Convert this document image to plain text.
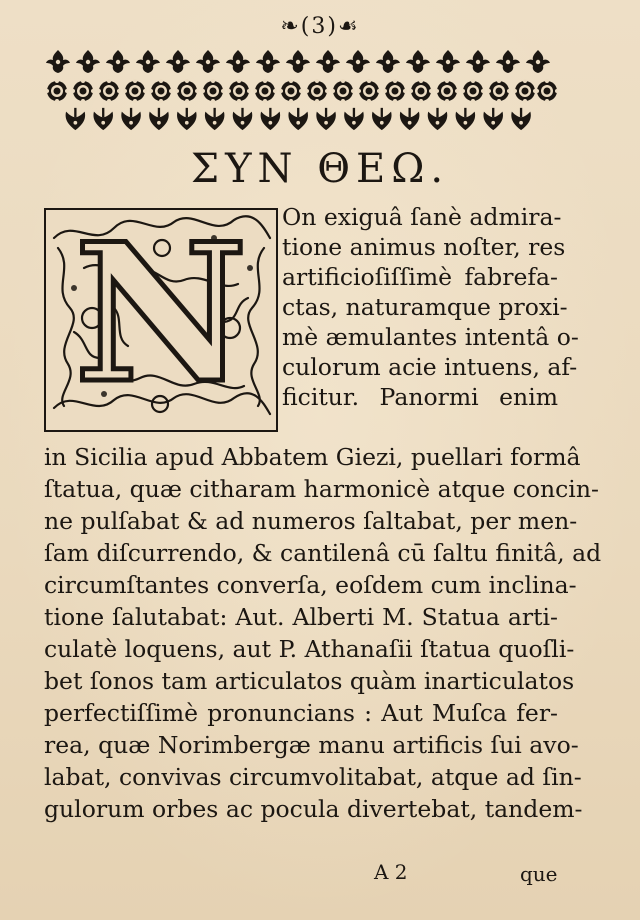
❧(3)☙
ΣΥΝ ΘΕΩ.
N On exiguâ ſanè admira-
tione animus noſter, res
artificioſiſſimè fabrefa-
ctas, naturamque proxi-
mè æmulantes intentâ o-
culorum acie intuens, af-
ficitur. Panormi enim
in Sicilia apud Abbatem Giezi, puellari formâ
ſtatua, quæ citharam harmonicè atque concin-
ne pulſabat & ad numeros ſaltabat, per men-
ſam diſcurrendo, & cantilenâ cū ſaltu finitâ, ad
circumſtantes converſa, eoſdem cum inclina-
tione ſalutabat: Aut. Alberti M. Statua arti-
culatè loquens, aut P. Athanaſii ſtatua quoſli-
bet ſonos tam articulatos quàm inarticulatos
perfectiſſimè pronuncians : Aut Muſca fer-
rea, quæ Norimbergæ manu artificis ſui avo-
labat, convivas circumvolitabat, atque ad ſin-
gulorum orbes ac pocula divertebat, tandem-
A 2	que
